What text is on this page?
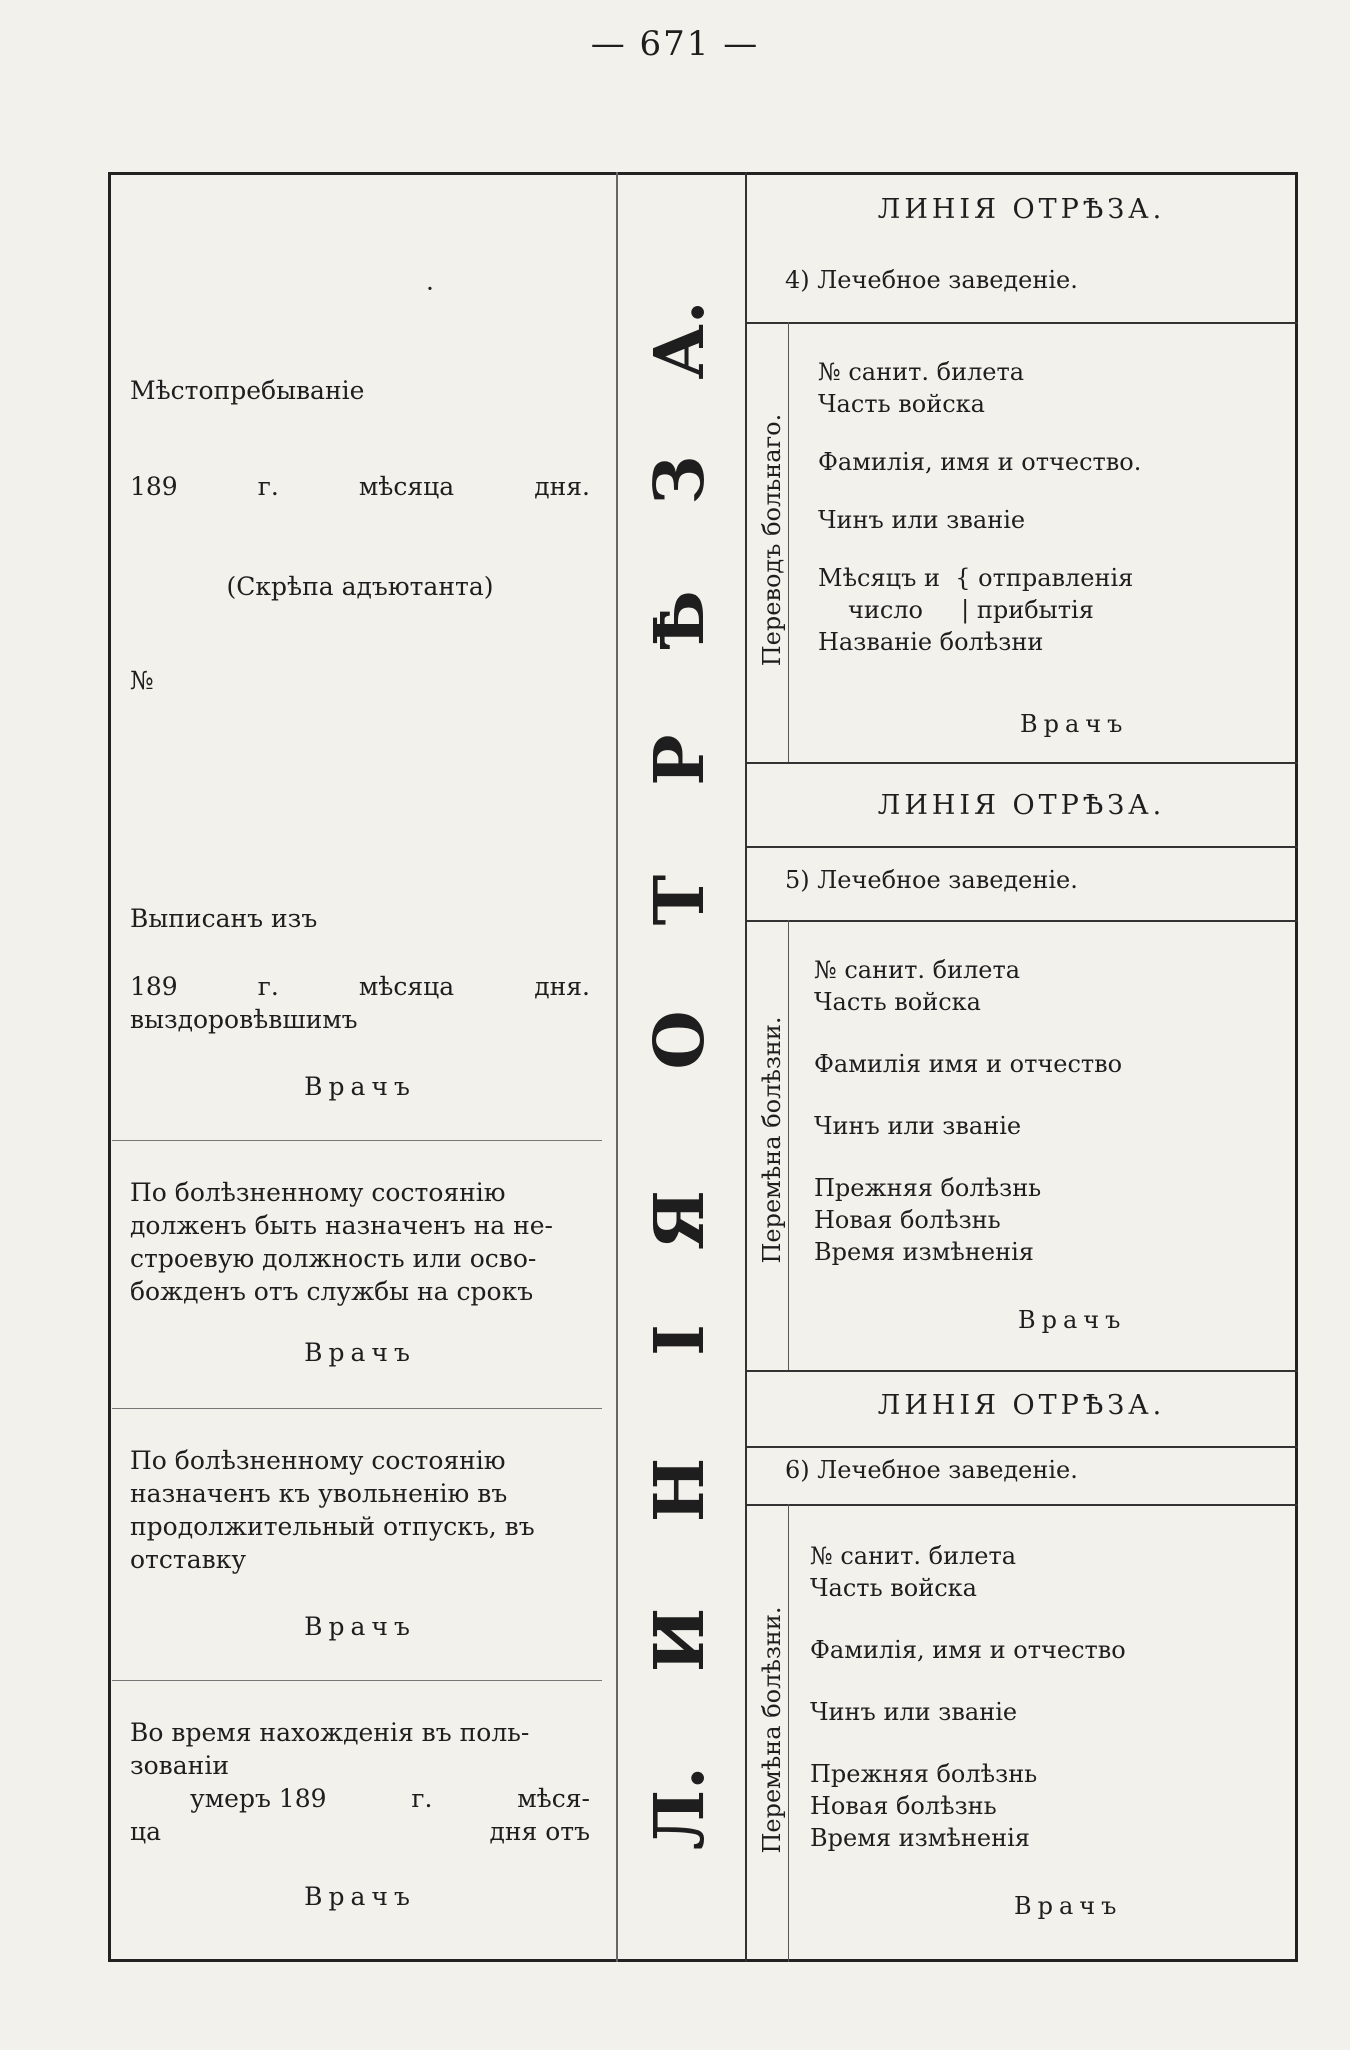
— 671 —

·

Мѣстопребываніе

189	г.	мѣсяца	дня.

(Скрѣпа адъютанта)

№

Выписанъ изъ

189	г.	мѣсяца	дня.

выздоровѣвшимъ

Врачъ

По болѣзненному состоянію

долженъ быть назначенъ на не-

строевую должность или осво-

божденъ отъ службы на срокъ

Врачъ

По болѣзненному состоянію

назначенъ къ увольненію въ

продолжительный отпускъ, въ

отставку

Врачъ

Во время нахожденія въ поль-

зованіи

умеръ 189	г.	мѣся-

ца	дня отъ

Врачъ

А.
З
Ѣ
Р
Т
О
Я
І
Н
И
Л.
ЛИНІЯ ОТРѢЗА.
4) Лечебное заведеніе.
Переводъ больнаго.

№ санит. билета

Часть войска

Фамилія, имя и отчество.

Чинъ или званіе

Мѣсяцъ и  { отправленія

число     | прибытія

Названіе болѣзни

Врачъ
ЛИНІЯ ОТРѢЗА.
5) Лечебное заведеніе.
Перемѣна болѣзни.

№ санит. билета

Часть войска

Фамилія имя и отчество

Чинъ или званіе

Прежняя болѣзнь

Новая болѣзнь

Время измѣненія

Врачъ
ЛИНІЯ ОТРѢЗА.
6) Лечебное заведеніе.
Перемѣна болѣзни.

№ санит. билета

Часть войска

Фамилія, имя и отчество

Чинъ или званіе

Прежняя болѣзнь

Новая болѣзнь

Время измѣненія

Врачъ
